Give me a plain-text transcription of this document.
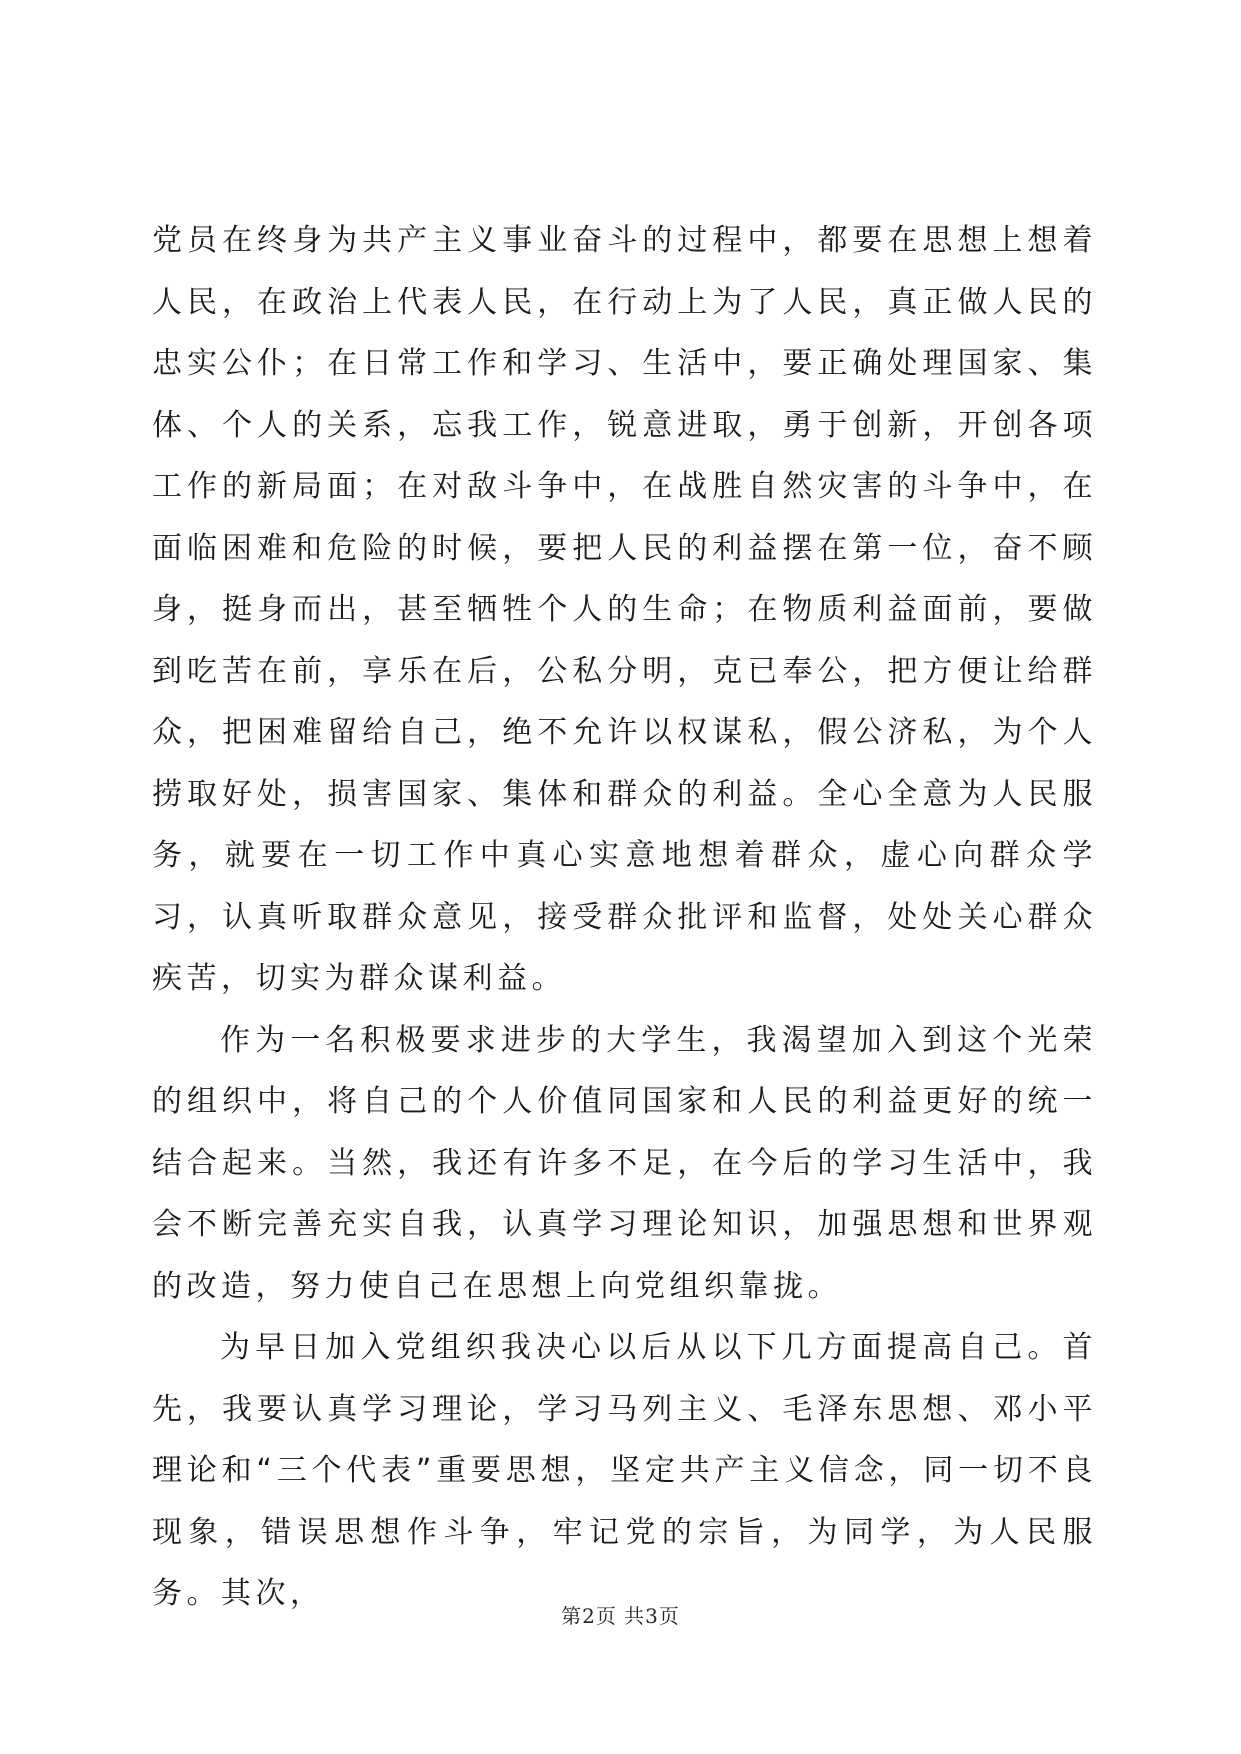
党员在终身为共产主义事业奋斗的过程中，都要在思想上想着人民，在政治上代表人民，在行动上为了人民，真正做人民的忠实公仆；在日常工作和学习、生活中，要正确处理国家、集体、个人的关系，忘我工作，锐意进取，勇于创新，开创各项工作的新局面；在对敌斗争中，在战胜自然灾害的斗争中，在面临困难和危险的时候，要把人民的利益摆在第一位，奋不顾身，挺身而出，甚至牺牲个人的生命；在物质利益面前，要做到吃苦在前，享乐在后，公私分明，克已奉公，把方便让给群众，把困难留给自己，绝不允许以权谋私，假公济私，为个人捞取好处，损害国家、集体和群众的利益。全心全意为人民服务，就要在一切工作中真心实意地想着群众，虚心向群众学习，认真听取群众意见，接受群众批评和监督，处处关心群众疾苦，切实为群众谋利益。

作为一名积极要求进步的大学生，我渴望加入到这个光荣的组织中，将自己的个人价值同国家和人民的利益更好的统一结合起来。当然，我还有许多不足，在今后的学习生活中，我会不断完善充实自我，认真学习理论知识，加强思想和世界观的改造，努力使自己在思想上向党组织靠拢。

为早日加入党组织我决心以后从以下几方面提高自己。首先，我要认真学习理论，学习马列主义、毛泽东思想、邓小平理论和“三个代表”重要思想，坚定共产主义信念，同一切不良现象，错误思想作斗争，牢记党的宗旨，为同学，为人民服务。其次，

第2页 共3页
